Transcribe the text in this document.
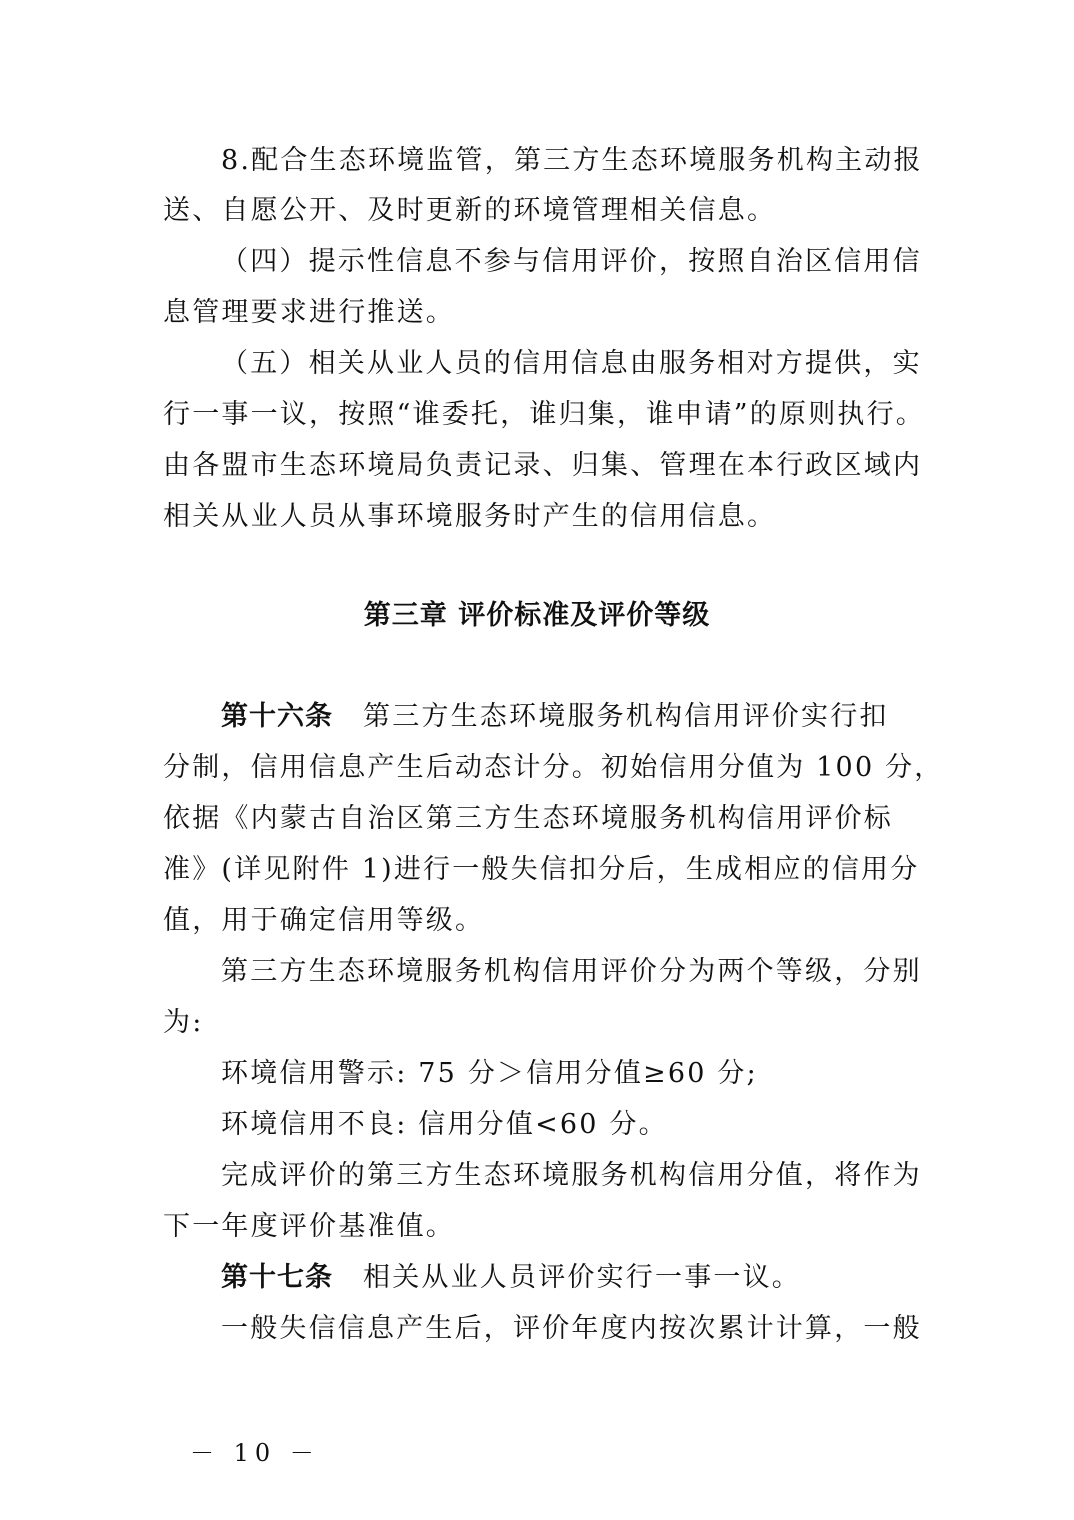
8.配合生态环境监管，第三方生态环境服务机构主动报
送、自愿公开、及时更新的环境管理相关信息。
（四）提示性信息不参与信用评价，按照自治区信用信
息管理要求进行推送。
（五）相关从业人员的信用信息由服务相对方提供，实
行一事一议，按照“谁委托，谁归集，谁申请”的原则执行。
由各盟市生态环境局负责记录、归集、管理在本行政区域内
相关从业人员从事环境服务时产生的信用信息。
第三章 评价标准及评价等级
第十六条 第三方生态环境服务机构信用评价实行扣
分制，信用信息产生后动态计分。初始信用分值为 100 分，
依据《内蒙古自治区第三方生态环境服务机构信用评价标
准》(详见附件 1)进行一般失信扣分后，生成相应的信用分
值，用于确定信用等级。
第三方生态环境服务机构信用评价分为两个等级，分别
为:
环境信用警示: 75 分＞信用分值≥60 分;
环境信用不良: 信用分值<60 分。
完成评价的第三方生态环境服务机构信用分值，将作为
下一年度评价基准值。
第十七条 相关从业人员评价实行一事一议。
一般失信信息产生后，评价年度内按次累计计算，一般
－ 10 －
